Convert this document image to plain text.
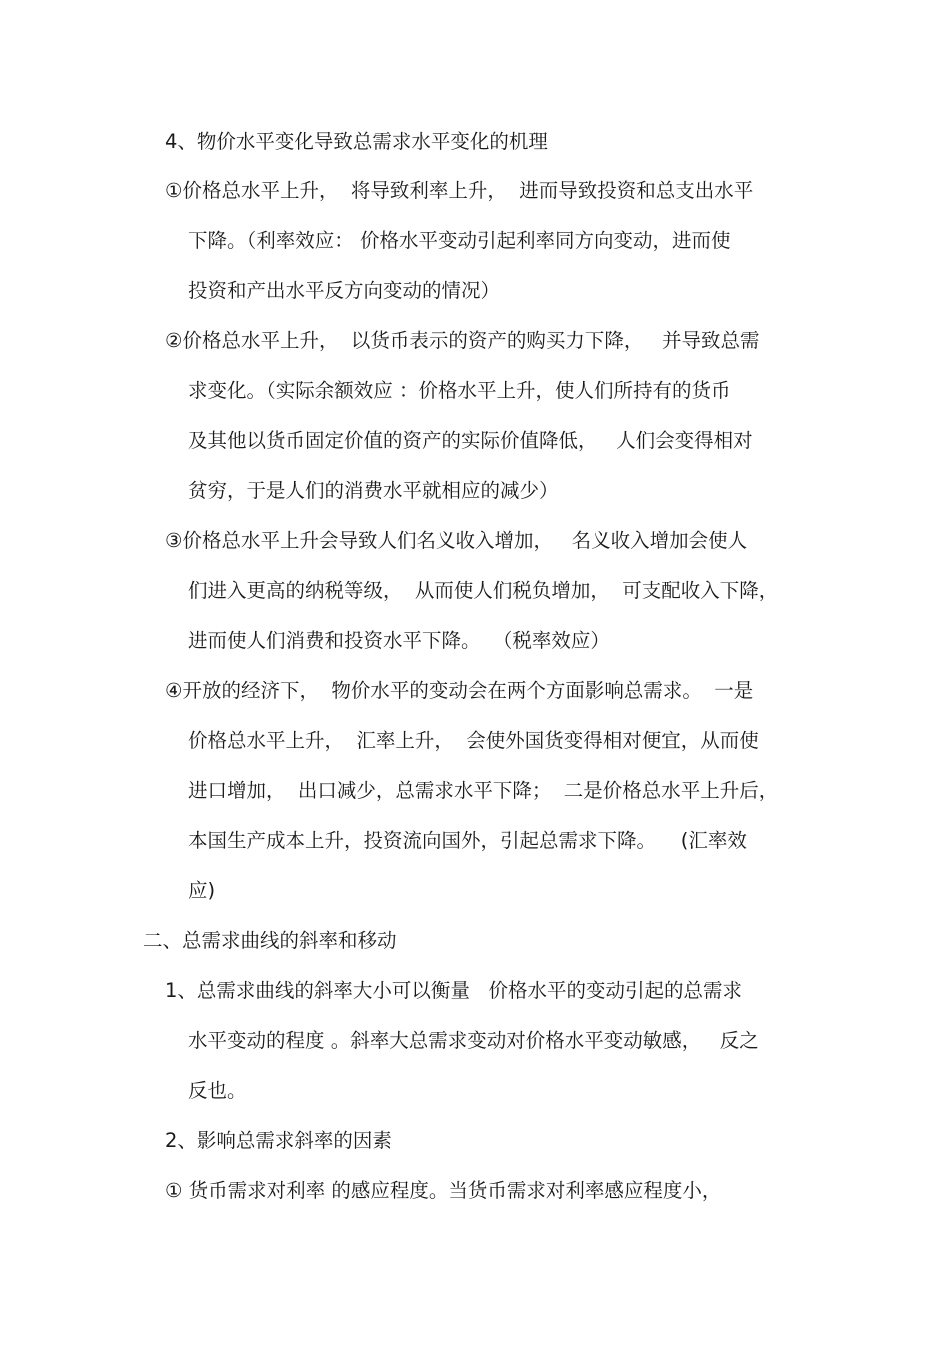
4、物价水平变化导致总需求水平变化的机理
①价格总水平上升，  将导致利率上升，  进而导致投资和总支出水平
下降。（利率效应： 价格水平变动引起利率同方向变动，进而使
投资和产出水平反方向变动的情况）
②价格总水平上升，  以货币表示的资产的购买力下降，   并导致总需
求变化。（实际余额效应 ：价格水平上升，使人们所持有的货币
及其他以货币固定价值的资产的实际价值降低，   人们会变得相对
贫穷，于是人们的消费水平就相应的减少）
③价格总水平上升会导致人们名义收入增加，   名义收入增加会使人
们进入更高的纳税等级，  从而使人们税负增加，  可支配收入下降，
进而使人们消费和投资水平下降。  （税率效应）
④开放的经济下，  物价水平的变动会在两个方面影响总需求。  一是
价格总水平上升，  汇率上升，  会使外国货变得相对便宜，从而使
进口增加，  出口减少，总需求水平下降；  二是价格总水平上升后，
本国生产成本上升，投资流向国外，引起总需求下降。    (汇率效
应)
二、总需求曲线的斜率和移动
1、总需求曲线的斜率大小可以衡量   价格水平的变动引起的总需求
水平变动的程度 。斜率大总需求变动对价格水平变动敏感，   反之
反也。
2、影响总需求斜率的因素
① 货币需求对利率 的感应程度。当货币需求对利率感应程度小，
